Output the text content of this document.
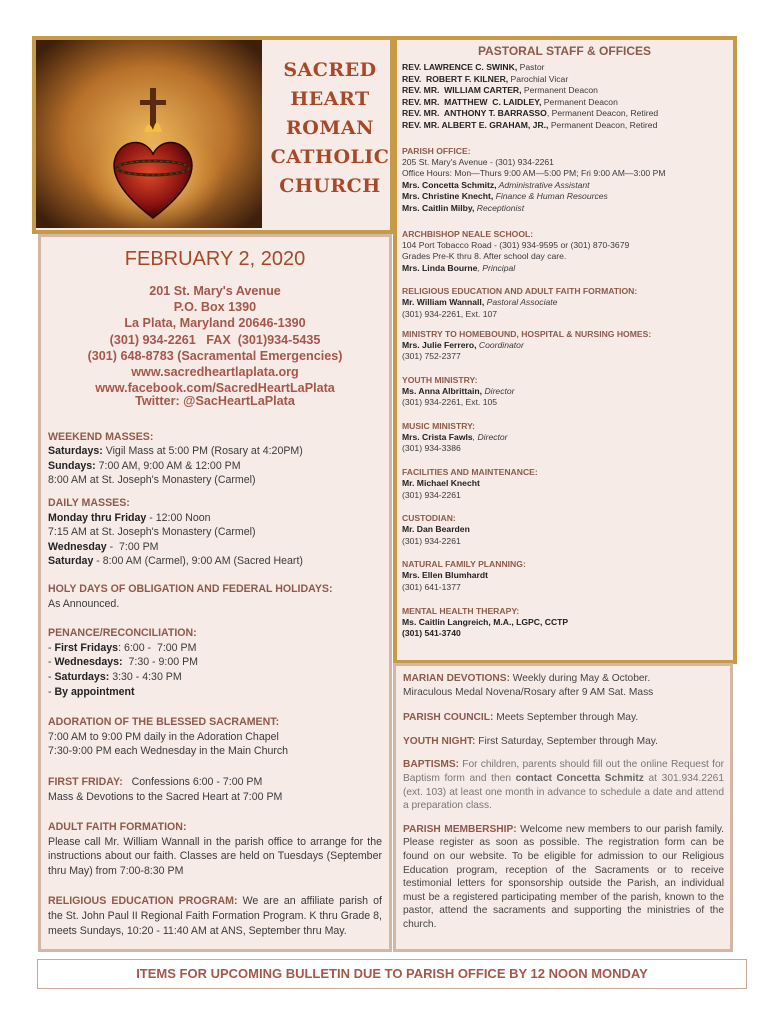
SACRED
HEART
ROMAN
CATHOLIC
CHURCH
FEBRUARY 2, 2020
201 St. Mary's Avenue
P.O. Box 1390
La Plata, Maryland 20646-1390
(301) 934-2261   FAX  (301)934-5435
(301) 648-8783 (Sacramental Emergencies)
www.sacredheartlaplata.org
www.facebook.com/SacredHeartLaPlata
Twitter: @SacHeartLaPlata
WEEKEND MASSES:
Saturdays: Vigil Mass at 5:00 PM (Rosary at 4:20PM)
Sundays: 7:00 AM, 9:00 AM & 12:00 PM
8:00 AM at St. Joseph's Monastery (Carmel)
DAILY MASSES:
Monday thru Friday - 12:00 Noon
7:15 AM at St. Joseph's Monastery (Carmel)
Wednesday -  7:00 PM
Saturday - 8:00 AM (Carmel), 9:00 AM (Sacred Heart)
HOLY DAYS OF OBLIGATION AND FEDERAL HOLIDAYS:
As Announced.
PENANCE/RECONCILIATION:
- First Fridays: 6:00 -  7:00 PM
- Wednesdays:  7:30 - 9:00 PM
- Saturdays: 3:30 - 4:30 PM
- By appointment
ADORATION OF THE BLESSED SACRAMENT:
7:00 AM to 9:00 PM daily in the Adoration Chapel
7:30-9:00 PM each Wednesday in the Main Church
FIRST FRIDAY:   Confessions 6:00 - 7:00 PM
Mass & Devotions to the Sacred Heart at 7:00 PM
ADULT FAITH FORMATION:
Please call Mr. William Wannall in the parish office to arrange for the instructions about our faith. Classes are held on Tuesdays (September thru May) from 7:00-8:30 PM
RELIGIOUS EDUCATION PROGRAM: We are an affiliate parish of the St. John Paul II Regional Faith Formation Program. K thru Grade 8, meets Sundays, 10:20 - 11:40 AM at ANS, September thru May.
PASTORAL STAFF & OFFICES
REV. LAWRENCE C. SWINK, Pastor
REV.  ROBERT F. KILNER, Parochial Vicar
REV. MR.  WILLIAM CARTER, Permanent Deacon
REV. MR.  MATTHEW  C. LAIDLEY, Permanent Deacon
REV. MR.  ANTHONY T. BARRASSO, Permanent Deacon, Retired
REV. MR. ALBERT E. GRAHAM, JR., Permanent Deacon, Retired
PARISH OFFICE:
205 St. Mary's Avenue - (301) 934-2261
Office Hours: Mon—Thurs 9:00 AM—5:00 PM; Fri 9:00 AM—3:00 PM
Mrs. Concetta Schmitz, Administrative Assistant
Mrs. Christine Knecht, Finance & Human Resources
Mrs. Caitlin Milby, Receptionist
ARCHBISHOP NEALE SCHOOL:
104 Port Tobacco Road - (301) 934-9595 or (301) 870-3679
Grades Pre-K thru 8. After school day care.
Mrs. Linda Bourne, Principal
RELIGIOUS EDUCATION AND ADULT FAITH FORMATION:
Mr. William Wannall, Pastoral Associate
(301) 934-2261, Ext. 107
MINISTRY TO HOMEBOUND, HOSPITAL & NURSING HOMES:
Mrs. Julie Ferrero, Coordinator
(301) 752-2377
YOUTH MINISTRY:
Ms. Anna Albrittain, Director
(301) 934-2261, Ext. 105
MUSIC MINISTRY:
Mrs. Crista Fawls, Director
(301) 934-3386
FACILITIES AND MAINTENANCE:
Mr. Michael Knecht
(301) 934-2261
CUSTODIAN:
Mr. Dan Bearden
(301) 934-2261
NATURAL FAMILY PLANNING:
Mrs. Ellen Blumhardt
(301) 641-1377
MENTAL HEALTH THERAPY:
Ms. Caitlin Langreich, M.A., LGPC, CCTP
(301) 541-3740
MARIAN DEVOTIONS: Weekly during May & October.
Miraculous Medal Novena/Rosary after 9 AM Sat. Mass
PARISH COUNCIL: Meets September through May.
YOUTH NIGHT: First Saturday, September through May.
BAPTISMS: For children, parents should fill out the online Request for Baptism form and then contact Concetta Schmitz at 301.934.2261 (ext. 103) at least one month in advance to schedule a date and attend a preparation class.
PARISH MEMBERSHIP: Welcome new members to our parish family. Please register as soon as possible. The registration form can be found on our website. To be eligible for admission to our Religious Education program, reception of the Sacraments or to receive testimonial letters for sponsorship outside the Parish, an individual must be a registered participating member of the parish, known to the pastor, attend the sacraments and supporting the ministries of the church.
ITEMS FOR UPCOMING BULLETIN DUE TO PARISH OFFICE BY 12 NOON MONDAY
